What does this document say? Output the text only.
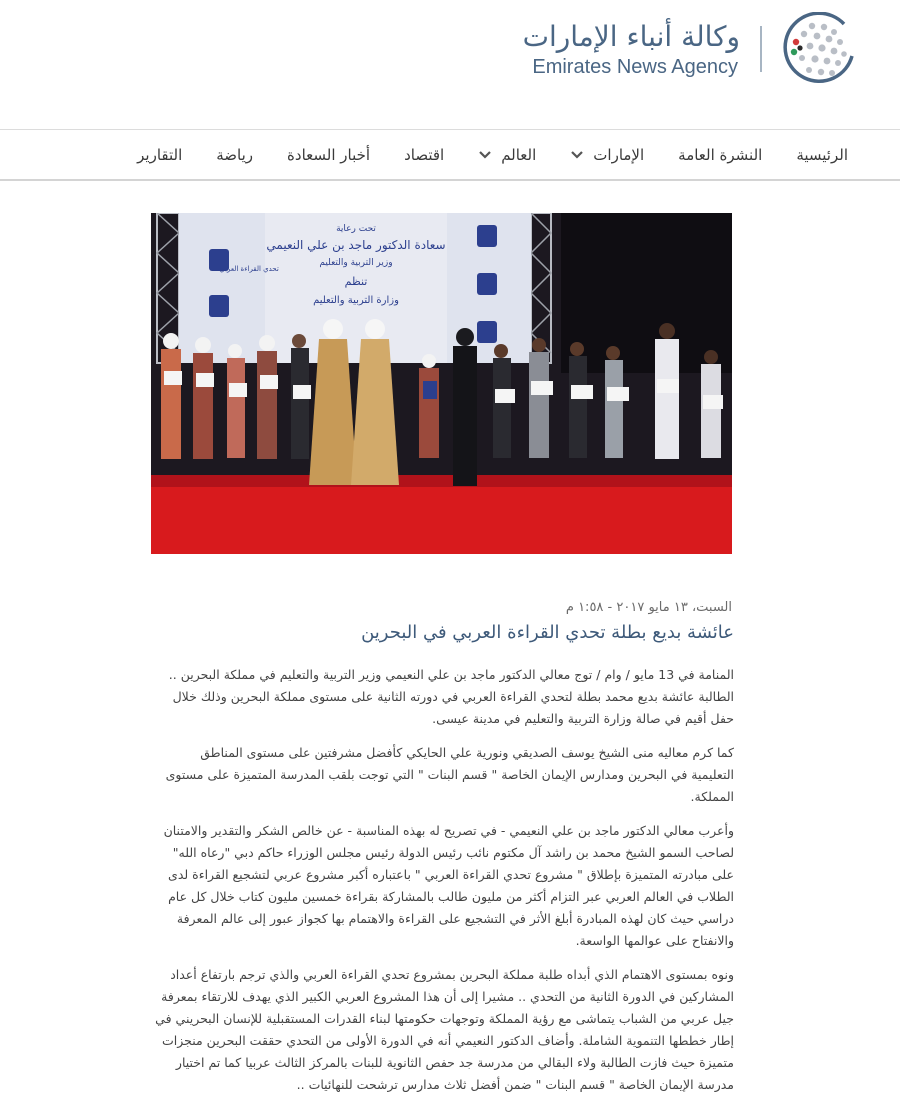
وكالة أنباء الإمارات
Emirates News Agency
الرئيسية
النشرة العامة
الإمارات
العالم
اقتصاد
أخبار السعادة
رياضة
التقارير
تحت رعاية
سعادة الدكتور ماجد بن علي النعيمي
وزير التربية والتعليم
تنظم
وزارة التربية والتعليم
تحدي القراءة العربي
السبت، ١٣ مايو ٢٠١٧ - ١:٥٨ م
عائشة بديع بطلة تحدي القراءة العربي في البحرين

المنامة في 13 مايو / وام / توج معالي الدكتور ماجد بن علي النعيمي وزير التربية والتعليم في مملكة البحرين .. الطالبة عائشة بديع محمد بطلة لتحدي القراءة العربي في دورته الثانية على مستوى مملكة البحرين وذلك خلال حفل أقيم في صالة وزارة التربية والتعليم في مدينة عيسى.

كما كرم معاليه منى الشيخ يوسف الصديقي ونورية علي الحايكي كأفضل مشرفتين على مستوى المناطق التعليمية في البحرين ومدارس الإيمان الخاصة " قسم البنات " التي توجت بلقب المدرسة المتميزة على مستوى المملكة.

وأعرب معالي الدكتور ماجد بن علي النعيمي - في تصريح له بهذه المناسبة - عن خالص الشكر والتقدير والامتنان لصاحب السمو الشيخ محمد بن راشد آل مكتوم نائب رئيس الدولة رئيس مجلس الوزراء حاكم دبي "رعاه الله" على مبادرته المتميزة بإطلاق " مشروع تحدي القراءة العربي " باعتباره أكبر مشروع عربي لتشجيع القراءة لدى الطلاب في العالم العربي عبر التزام أكثر من مليون طالب بالمشاركة بقراءة خمسين مليون كتاب خلال كل عام دراسي حيث كان لهذه المبادرة أبلغ الأثر في التشجيع على القراءة والاهتمام بها كجواز عبور إلى عالم المعرفة والانفتاح على عوالمها الواسعة.

ونوه بمستوى الاهتمام الذي أبداه طلبة مملكة البحرين بمشروع تحدي القراءة العربي والذي ترجم بارتفاع أعداد المشاركين في الدورة الثانية من التحدي .. مشيرا إلى أن هذا المشروع العربي الكبير الذي يهدف للارتقاء بمعرفة جيل عربي من الشباب يتماشى مع رؤية المملكة وتوجهات حكومتها لبناء القدرات المستقبلية للإنسان البحريني في إطار خططها التنموية الشاملة. وأضاف الدكتور النعيمي أنه في الدورة الأولى من التحدي حققت البحرين منجزات متميزة حيث فازت الطالبة ولاء البقالي من مدرسة جد حفص الثانوية للبنات بالمركز الثالث عربيا كما تم اختيار مدرسة الإيمان الخاصة " قسم البنات " ضمن أفضل ثلاث مدارس ترشحت للنهائيات ..
